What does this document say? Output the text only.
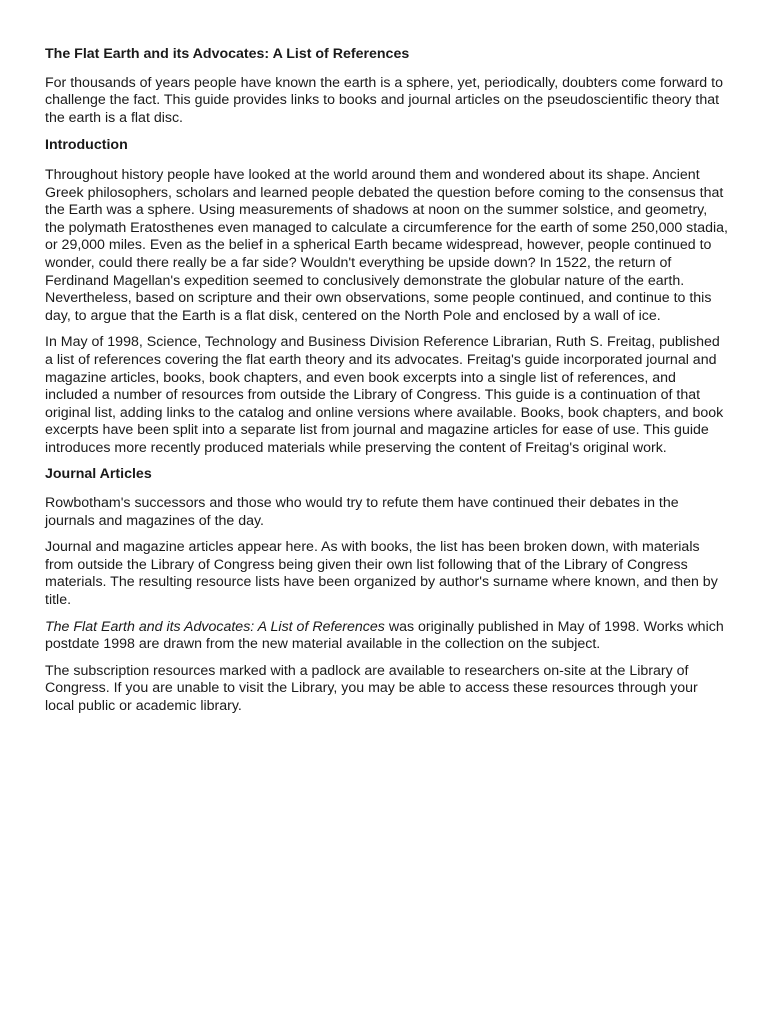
The Flat Earth and its Advocates: A List of References

For thousands of years people have known the earth is a sphere, yet, periodically, doubters come forward to challenge the fact. This guide provides links to books and journal articles on the pseudoscientific theory that the earth is a flat disc.

Introduction

Throughout history people have looked at the world around them and wondered about its shape. Ancient Greek philosophers, scholars and learned people debated the question before coming to the consensus that the Earth was a sphere. Using measurements of shadows at noon on the summer solstice, and geometry, the polymath Eratosthenes even managed to calculate a circumference for the earth of some 250,000 stadia, or 29,000 miles. Even as the belief in a spherical Earth became widespread, however, people continued to wonder, could there really be a far side? Wouldn't everything be upside down? In 1522, the return of Ferdinand Magellan's expedition seemed to conclusively demonstrate the globular nature of the earth. Nevertheless, based on scripture and their own observations, some people continued, and continue to this day, to argue that the Earth is a flat disk, centered on the North Pole and enclosed by a wall of ice.

In May of 1998, Science, Technology and Business Division Reference Librarian, Ruth S. Freitag, published a list of references covering the flat earth theory and its advocates. Freitag's guide incorporated journal and magazine articles, books, book chapters, and even book excerpts into a single list of references, and included a number of resources from outside the Library of Congress. This guide is a continuation of that original list, adding links to the catalog and online versions where available. Books, book chapters, and book excerpts have been split into a separate list from journal and magazine articles for ease of use. This guide introduces more recently produced materials while preserving the content of Freitag's original work.

Journal Articles

Rowbotham's successors and those who would try to refute them have continued their debates in the journals and magazines of the day.

Journal and magazine articles appear here. As with books, the list has been broken down, with materials from outside the Library of Congress being given their own list following that of the Library of Congress materials. The resulting resource lists have been organized by author's surname where known, and then by title.

The Flat Earth and its Advocates: A List of References was originally published in May of 1998. Works which postdate 1998 are drawn from the new material available in the collection on the subject.

The subscription resources marked with a padlock are available to researchers on-site at the Library of Congress. If you are unable to visit the Library, you may be able to access these resources through your local public or academic library.
